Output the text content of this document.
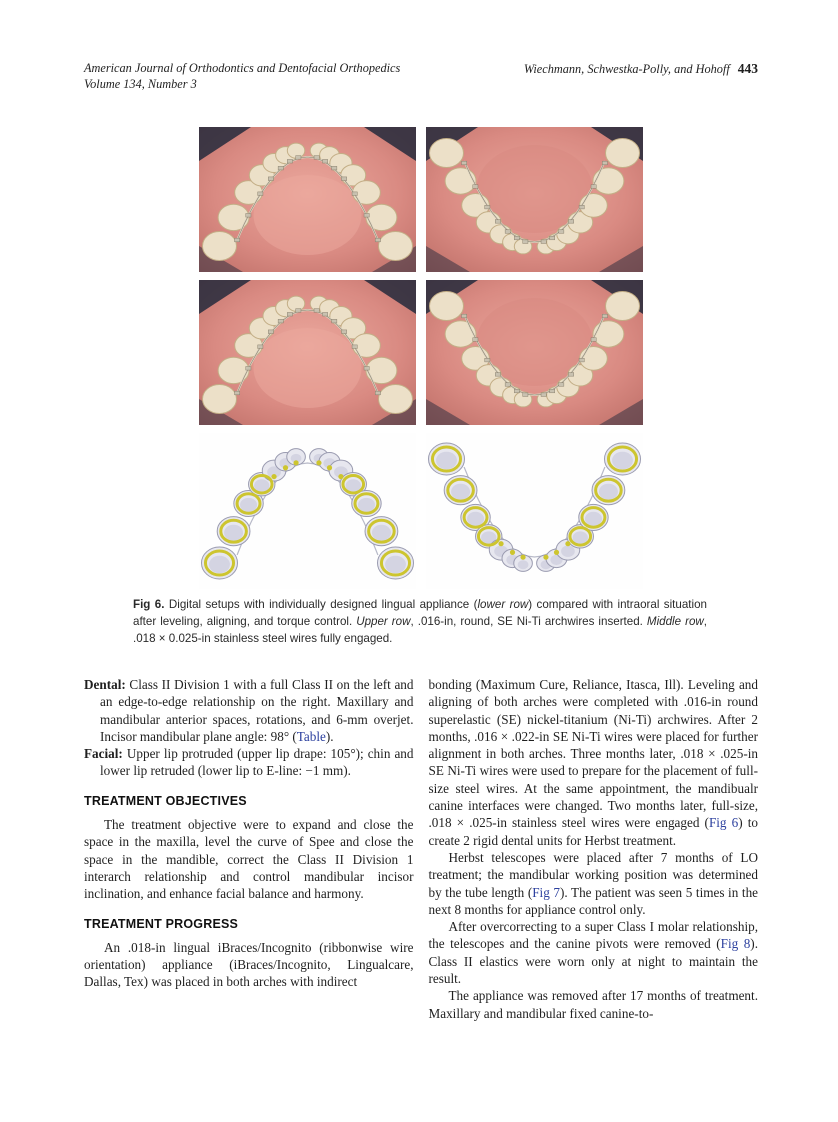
American Journal of Orthodontics and Dentofacial Orthopedics
Volume 134, Number 3
Wiechmann, Schwestka-Polly, and Hohoff 443
Fig 6. Digital setups with individually designed lingual appliance (lower row) compared with intraoral situation after leveling, aligning, and torque control. Upper row, .016-in, round, SE Ni-Ti archwires inserted. Middle row, .018 × 0.025-in stainless steel wires fully engaged.

Dental: Class II Division 1 with a full Class II on the left and an edge-to-edge relationship on the right. Maxillary and mandibular anterior spaces, rotations, and 6-mm overjet. Incisor mandibular plane angle: 98° (Table).

Facial: Upper lip protruded (upper lip drape: 105°); chin and lower lip retruded (lower lip to E-line: −1 mm).

TREATMENT OBJECTIVES

The treatment objective were to expand and close the space in the maxilla, level the curve of Spee and close the space in the mandible, correct the Class II Division 1 interarch relationship and control mandibular incisor inclination, and enhance facial balance and harmony.

TREATMENT PROGRESS

An .018-in lingual iBraces/Incognito (ribbonwise wire orientation) appliance (iBraces/Incognito, Lingualcare, Dallas, Tex) was placed in both arches with indirect

bonding (Maximum Cure, Reliance, Itasca, Ill). Leveling and aligning of both arches were completed with .016-in round superelastic (SE) nickel-titanium (Ni-Ti) archwires. After 2 months, .016 × .022-in SE Ni-Ti wires were placed for further alignment in both arches. Three months later, .018 × .025-in SE Ni-Ti wires were used to prepare for the placement of full-size steel wires. At the same appointment, the mandibualr canine interfaces were changed. Two months later, full-size, .018 × .025-in stainless steel wires were engaged (Fig 6) to create 2 rigid dental units for Herbst treatment.

Herbst telescopes were placed after 7 months of LO treatment; the mandibular working position was determined by the tube length (Fig 7). The patient was seen 5 times in the next 8 months for appliance control only.

After overcorrecting to a super Class I molar relationship, the telescopes and the canine pivots were removed (Fig 8). Class II elastics were worn only at night to maintain the result.

The appliance was removed after 17 months of treatment. Maxillary and mandibular fixed canine-to-
